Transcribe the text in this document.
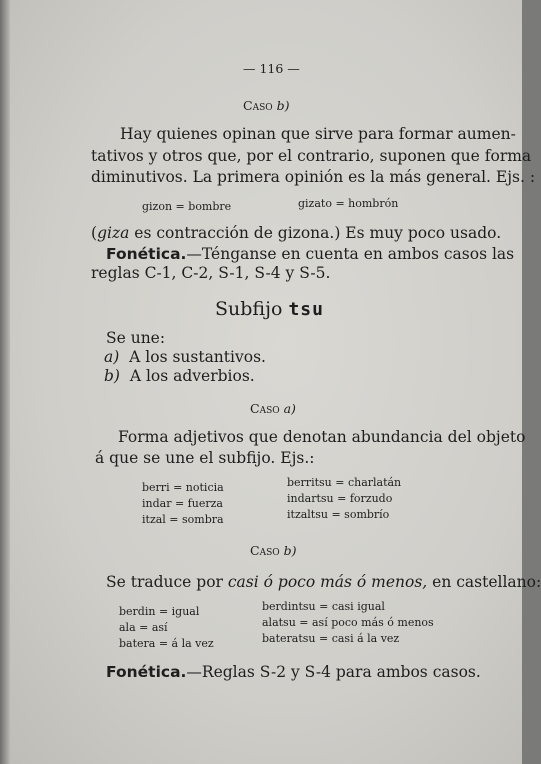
— 116 —
Caso b)
Hay quienes opinan que sirve para formar aumen-
tativos y otros que, por el contrario, suponen que forma
diminutivos. La primera opinión es la más general. Ejs. :
gizon = bombre	gizato = hombrón
(giza es contracción de gizona.) Es muy poco usado.
Fonética.—Ténganse en cuenta en ambos casos las
reglas C-1, C-2, S-1, S-4 y S-5.
Subfijo tsu
Se une:
a) A los sustantivos.
b) A los adverbios.
Caso a)
Forma adjetivos que denotan abundancia del objeto
á que se une el subfijo. Ejs.:
berri = noticia
indar = fuerza
itzal = sombra
berritsu = charlatán
indartsu = forzudo
itzaltsu = sombrío
Caso b)
Se traduce por casi ó poco más ó menos, en castellano:
berdin = igual
ala = así
batera = á la vez
berdintsu = casi igual
alatsu = así poco más ó menos
bateratsu = casi á la vez
Fonética.—Reglas S-2 y S-4 para ambos casos.
